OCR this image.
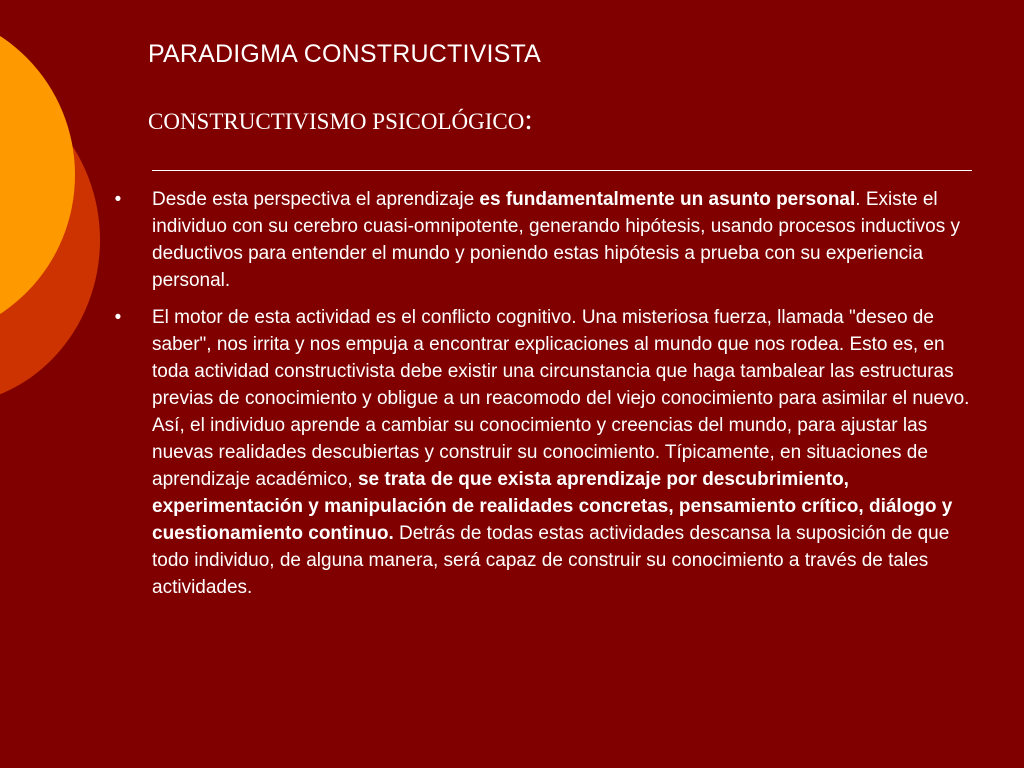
PARADIGMA CONSTRUCTIVISTA
CONSTRUCTIVISMO PSICOLÓGICO:
• Desde esta perspectiva el aprendizaje es fundamentalmente un asunto personal. Existe el individuo con su cerebro cuasi-omnipotente, generando hipótesis, usando procesos inductivos y deductivos para entender el mundo y poniendo estas hipótesis a prueba con su experiencia personal.
• El motor de esta actividad es el conflicto cognitivo. Una misteriosa fuerza, llamada "deseo de saber", nos irrita y nos empuja a encontrar explicaciones al mundo que nos rodea. Esto es, en toda actividad constructivista debe existir una circunstancia que haga tambalear las estructuras previas de conocimiento y obligue a un reacomodo del viejo conocimiento para asimilar el nuevo. Así, el individuo aprende a cambiar su conocimiento y creencias del mundo, para ajustar las nuevas realidades descubiertas y construir su conocimiento. Típicamente, en situaciones de aprendizaje académico, se trata de que exista aprendizaje por descubrimiento, experimentación y manipulación de realidades concretas, pensamiento crítico, diálogo y cuestionamiento continuo. Detrás de todas estas actividades descansa la suposición de que todo individuo, de alguna manera, será capaz de construir su conocimiento a través de tales actividades.
